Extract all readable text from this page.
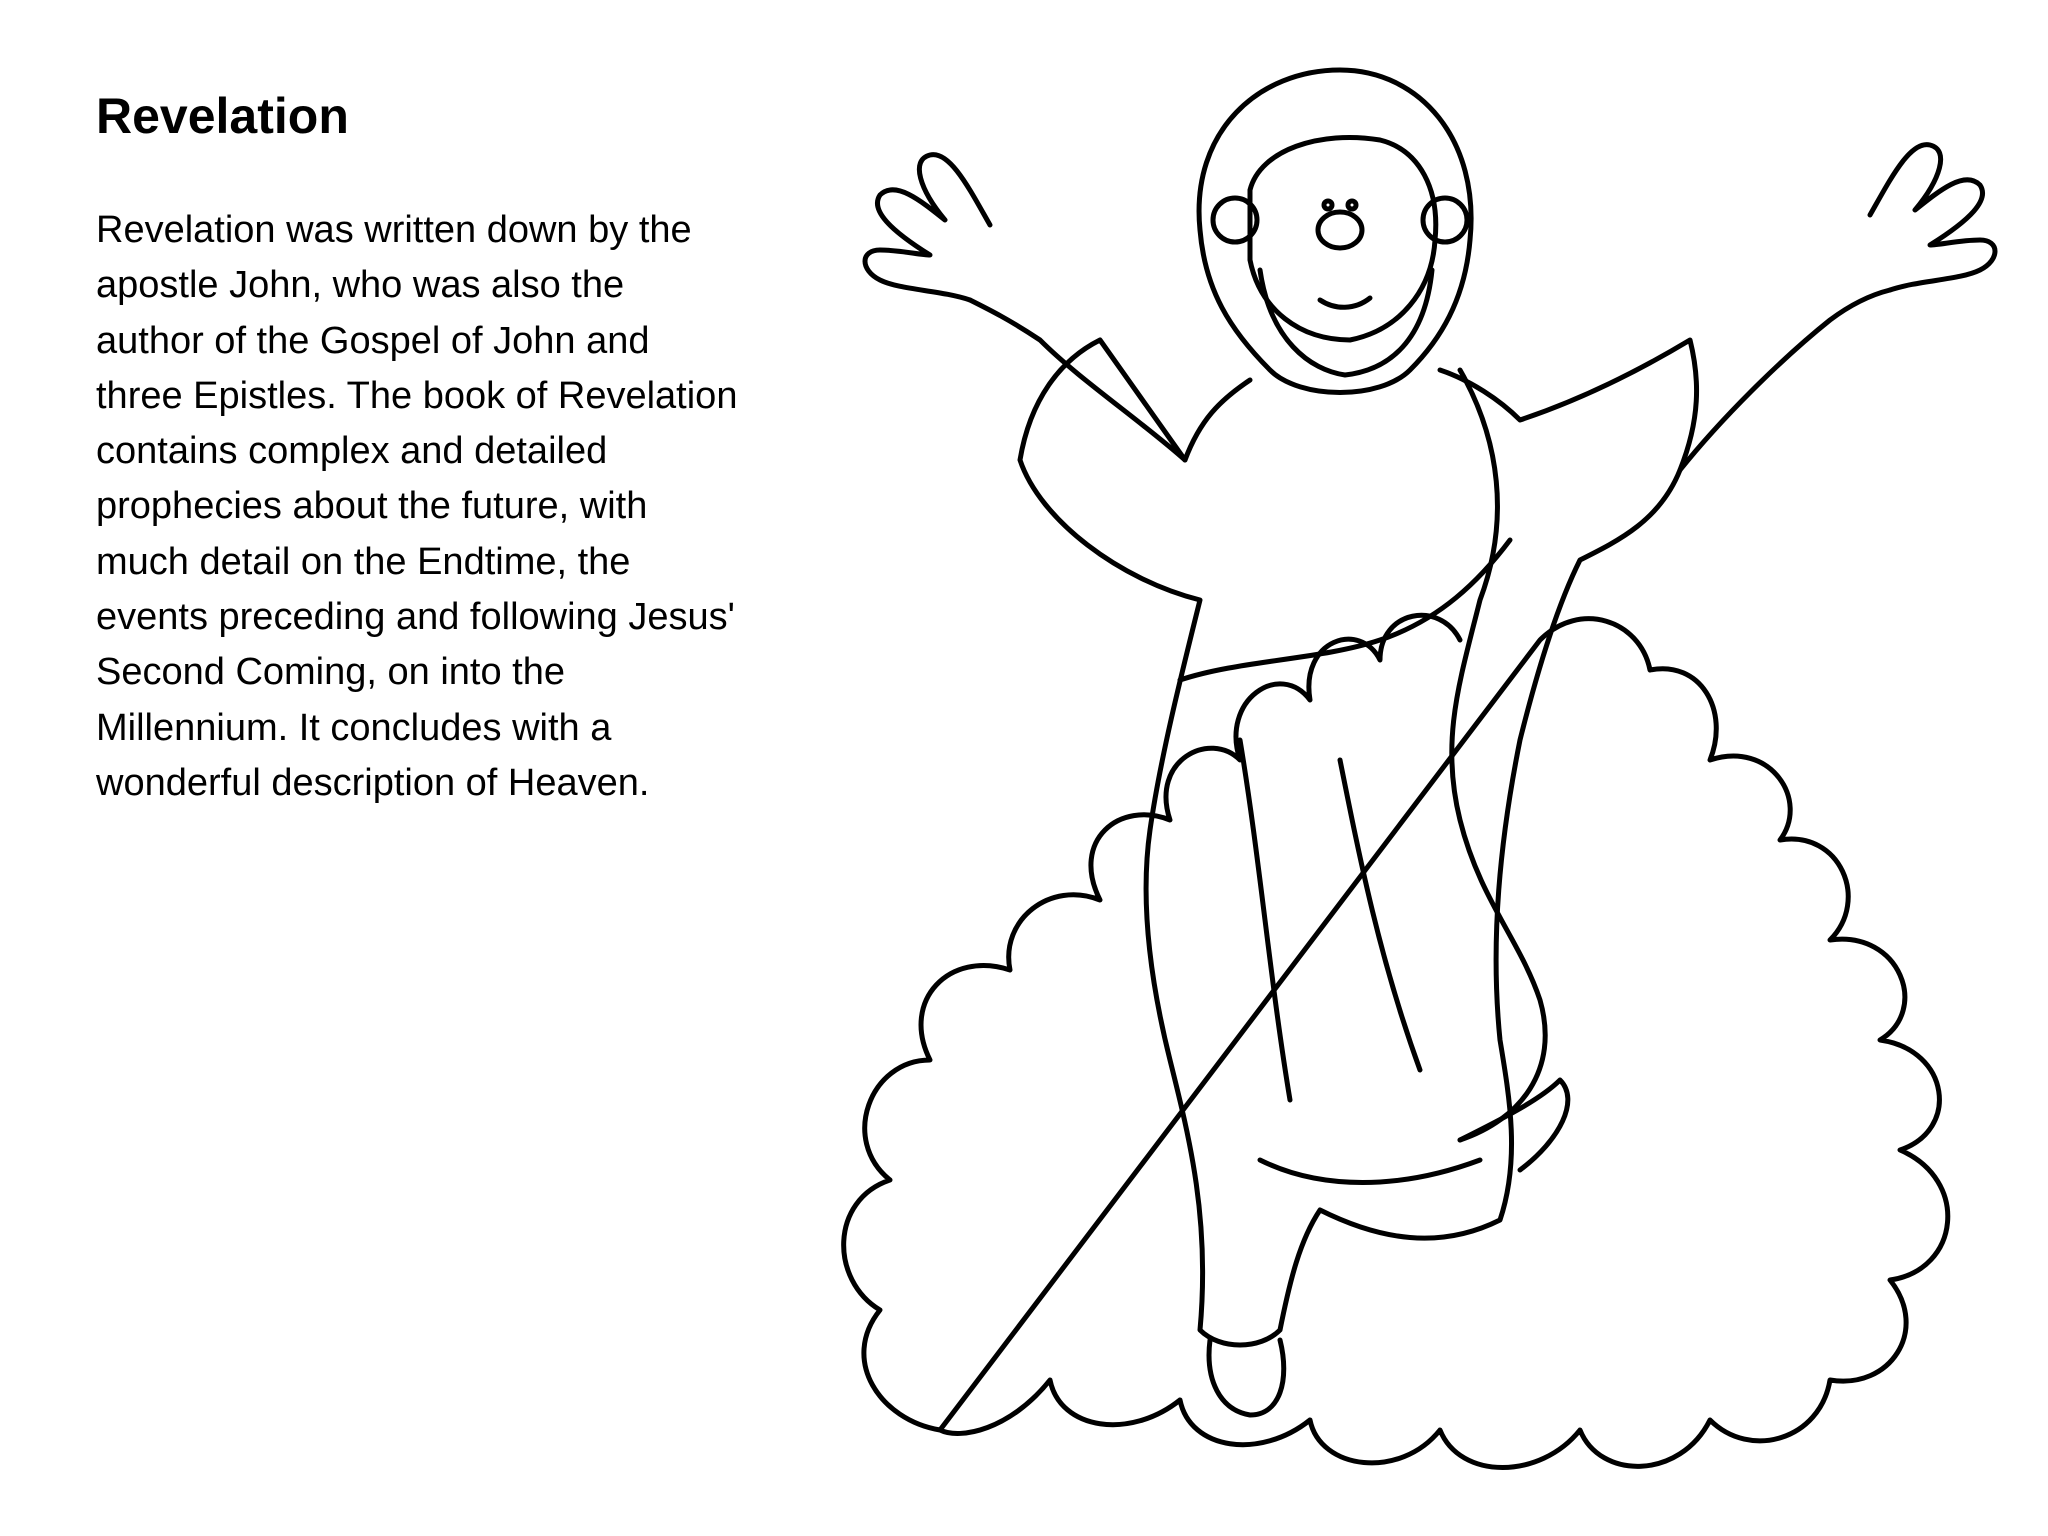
Revelation

Revelation was written down by the
apostle John, who was also the
author of the Gospel of John and
three Epistles. The book of Revelation
contains complex and detailed
prophecies about the future, with
much detail on the Endtime, the
events preceding and following Jesus'
Second Coming, on into the
Millennium. It concludes with a
wonderful description of Heaven.
